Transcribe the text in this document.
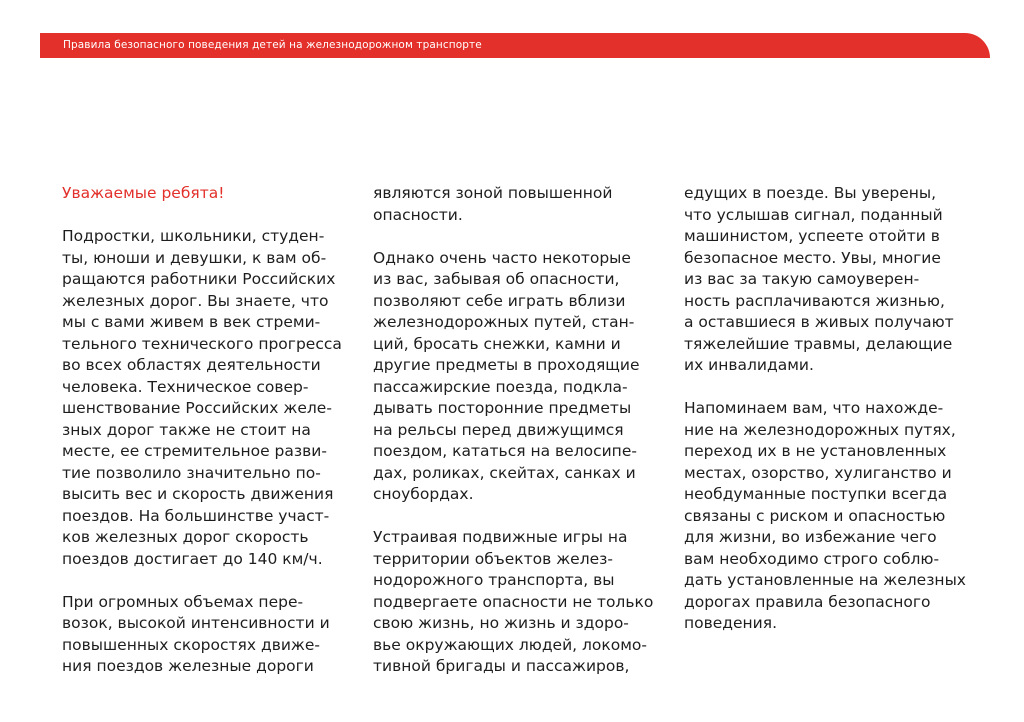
Правила безопасного поведения детей на железнодорожном транспорте
Уважаемые ребята!
Подростки, школьники, студен-
ты, юноши и девушки, к вам об-
ращаются работники Российских
железных дорог. Вы знаете, что
мы с вами живем в век стреми-
тельного технического прогресса
во всех областях деятельности
человека. Техническое совер-
шенствование Российских желе-
зных дорог также не стоит на
месте, ее стремительное разви-
тие позволило значительно по-
высить вес и скорость движения
поездов. На большинстве участ-
ков железных дорог скорость
поездов достигает до 140 км/ч.
При огромных объемах перe-
возок, высокой интенсивности и
повышенных скоростях движе-
ния поездов железные дороги
являются зоной повышенной
опасности.
Однако очень часто некоторые
из вас, забывая об опасности,
позволяют себе играть вблизи
железнодорожных путей, стан-
ций, бросать снежки, камни и
другие предметы в проходящие
пассажирские поезда, подкла-
дывать посторонние предметы
на рельсы перед движущимся
поездом, кататься на велосипе-
дах, роликах, скейтах, санках и
сноубордах.
Устраивая подвижные игры на
территории объектов желез-
нодорожного транспорта, вы
подвергаете опасности не только
свою жизнь, но жизнь и здоро-
вье окружающих людей, локомо-
тивной бригады и пассажиров,
едущих в поезде. Вы уверены,
что услышав сигнал, поданный
машинистом, успеете отойти в
безопасное место. Увы, многие
из вас за такую самоуверен-
ность расплачиваются жизнью,
а оставшиеся в живых получают
тяжелейшие травмы, делающие
их инвалидами.
Напоминаем вам, что нахожде-
ние на железнодорожных путях,
переход их в не установленных
местах, озорство, хулиганство и
необдуманные поступки всегда
связаны с риском и опасностью
для жизни, во избежание чего
вам необходимо строго соблю-
дать установленные на железных
дорогах правила безопасного
поведения.
